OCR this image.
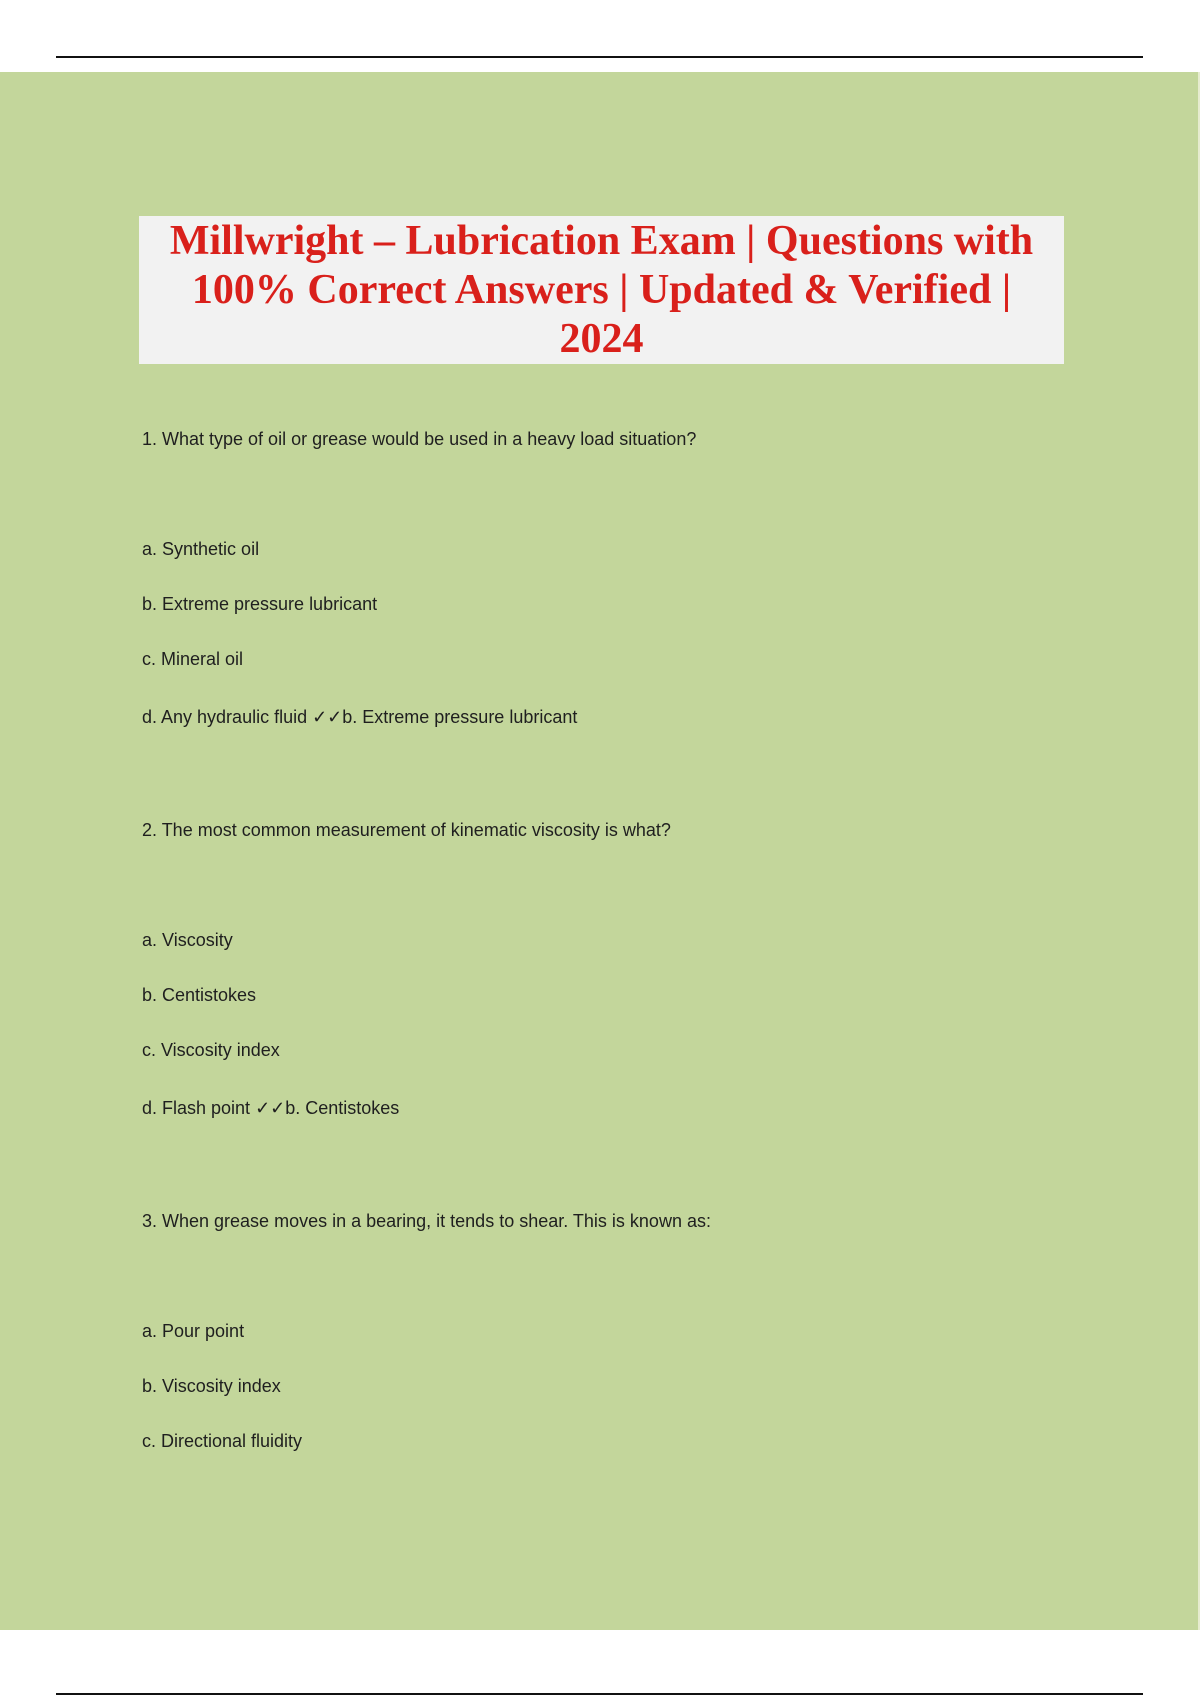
Millwright – Lubrication Exam | Questions with 100% Correct Answers | Updated & Verified | 2024

1. What type of oil or grease would be used in a heavy load situation?

a. Synthetic oil

b. Extreme pressure lubricant

c. Mineral oil

d. Any hydraulic fluid ✓✓b. Extreme pressure lubricant

2. The most common measurement of kinematic viscosity is what?

a. Viscosity

b. Centistokes

c. Viscosity index

d. Flash point ✓✓b. Centistokes

3. When grease moves in a bearing, it tends to shear. This is known as:

a. Pour point

b. Viscosity index

c. Directional fluidity
